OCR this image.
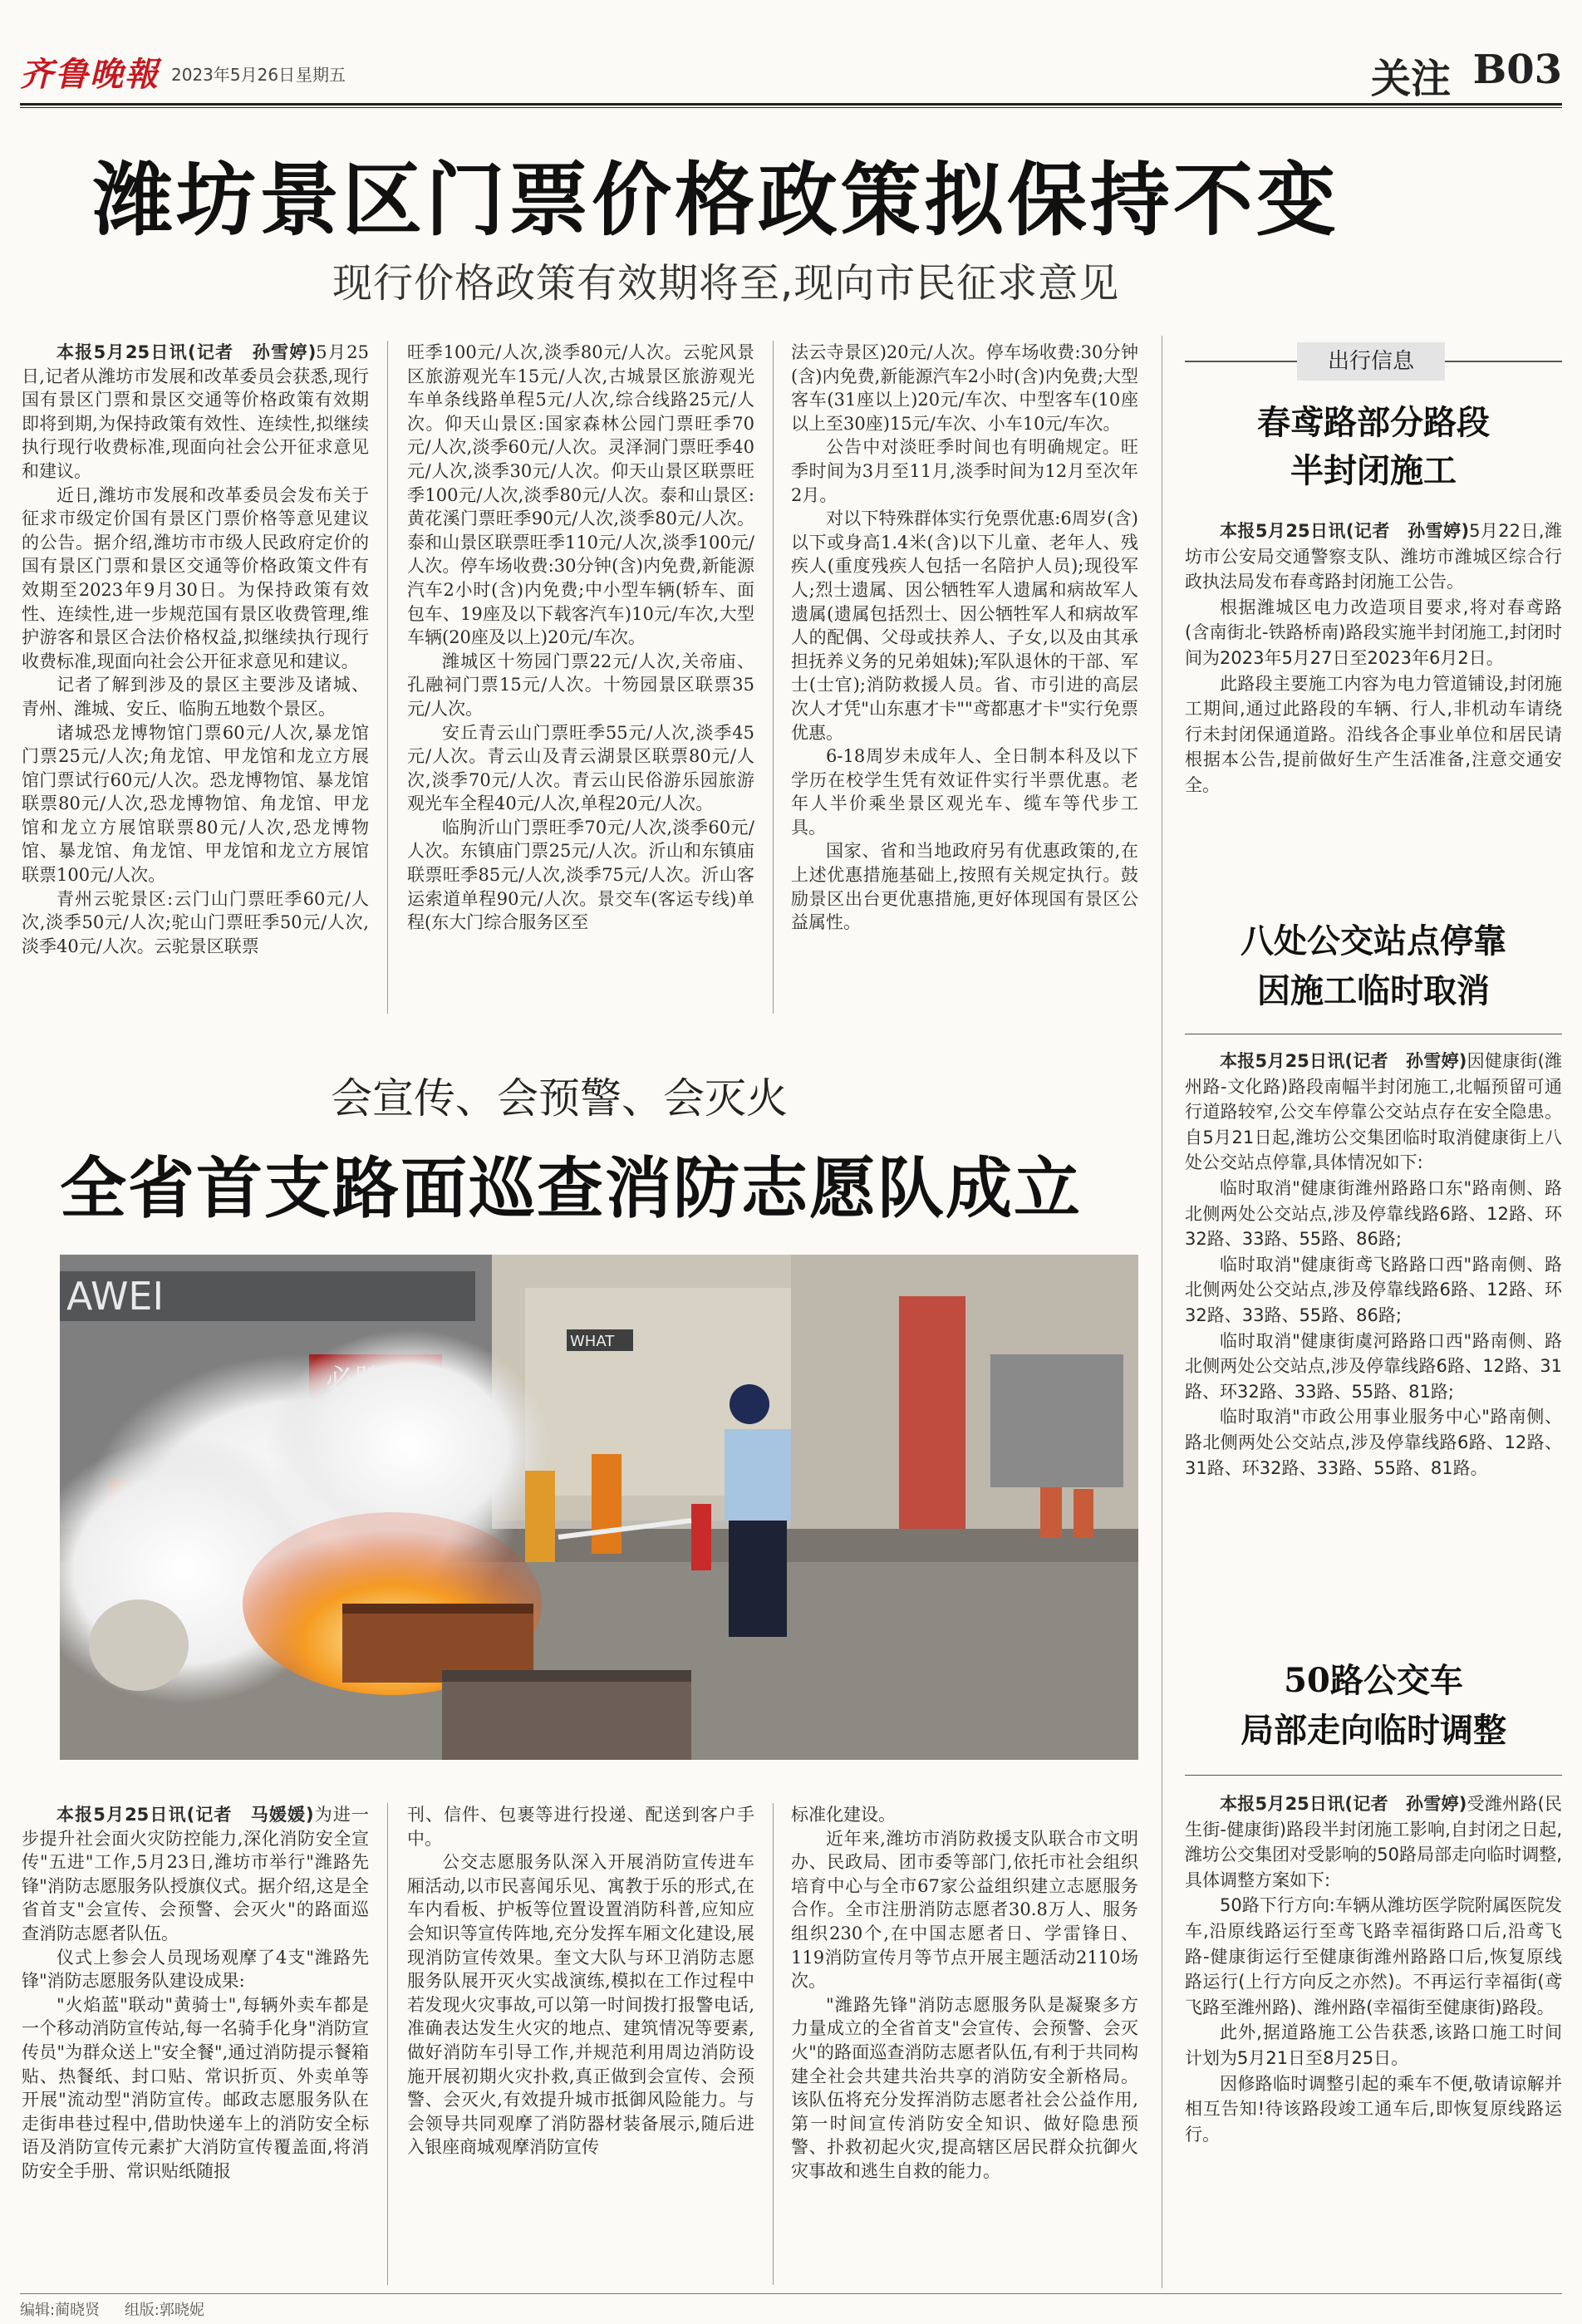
齐鲁晚報 2023年5月26日 星期五	关注 B03
潍坊景区门票价格政策拟保持不变
现行价格政策有效期将至,现向市民征求意见

本报5月25日讯(记者　孙雪婷)5月25日,记者从潍坊市发展和改革委员会获悉,现行国有景区门票和景区交通等价格政策有效期即将到期,为保持政策有效性、连续性,拟继续执行现行收费标准,现面向社会公开征求意见和建议。

近日,潍坊市发展和改革委员会发布关于征求市级定价国有景区门票价格等意见建议的公告。据介绍,潍坊市市级人民政府定价的国有景区门票和景区交通等价格政策文件有效期至2023年9月30日。为保持政策有效性、连续性,进一步规范国有景区收费管理,维护游客和景区合法价格权益,拟继续执行现行收费标准,现面向社会公开征求意见和建议。

记者了解到涉及的景区主要涉及诸城、青州、潍城、安丘、临朐五地数个景区。

诸城恐龙博物馆门票60元/人次,暴龙馆门票25元/人次;角龙馆、甲龙馆和龙立方展馆门票试行60元/人次。恐龙博物馆、暴龙馆联票80元/人次,恐龙博物馆、角龙馆、甲龙馆和龙立方展馆联票80元/人次,恐龙博物馆、暴龙馆、角龙馆、甲龙馆和龙立方展馆联票100元/人次。

青州云驼景区:云门山门票旺季60元/人次,淡季50元/人次;驼山门票旺季50元/人次,淡季40元/人次。云驼景区联票

旺季100元/人次,淡季80元/人次。云驼风景区旅游观光车15元/人次,古城景区旅游观光车单条线路单程5元/人次,综合线路25元/人次。仰天山景区:国家森林公园门票旺季70元/人次,淡季60元/人次。灵泽洞门票旺季40元/人次,淡季30元/人次。仰天山景区联票旺季100元/人次,淡季80元/人次。泰和山景区:黄花溪门票旺季90元/人次,淡季80元/人次。泰和山景区联票旺季110元/人次,淡季100元/人次。停车场收费:30分钟(含)内免费,新能源汽车2小时(含)内免费;中小型车辆(轿车、面包车、19座及以下载客汽车)10元/车次,大型车辆(20座及以上)20元/车次。

潍城区十笏园门票22元/人次,关帝庙、孔融祠门票15元/人次。十笏园景区联票35元/人次。

安丘青云山门票旺季55元/人次,淡季45元/人次。青云山及青云湖景区联票80元/人次,淡季70元/人次。青云山民俗游乐园旅游观光车全程40元/人次,单程20元/人次。

临朐沂山门票旺季70元/人次,淡季60元/人次。东镇庙门票25元/人次。沂山和东镇庙联票旺季85元/人次,淡季75元/人次。沂山客运索道单程90元/人次。景交车(客运专线)单程(东大门综合服务区至

法云寺景区)20元/人次。停车场收费:30分钟(含)内免费,新能源汽车2小时(含)内免费;大型客车(31座以上)20元/车次、中型客车(10座以上至30座)15元/车次、小车10元/车次。

公告中对淡旺季时间也有明确规定。旺季时间为3月至11月,淡季时间为12月至次年2月。

对以下特殊群体实行免票优惠:6周岁(含)以下或身高1.4米(含)以下儿童、老年人、残疾人(重度残疾人包括一名陪护人员);现役军人;烈士遗属、因公牺牲军人遗属和病故军人遗属(遗属包括烈士、因公牺牲军人和病故军人的配偶、父母或扶养人、子女,以及由其承担抚养义务的兄弟姐妹);军队退休的干部、军士(士官);消防救援人员。省、市引进的高层次人才凭"山东惠才卡""鸢都惠才卡"实行免票优惠。

6-18周岁未成年人、全日制本科及以下学历在校学生凭有效证件实行半票优惠。老年人半价乘坐景区观光车、缆车等代步工具。

国家、省和当地政府另有优惠政策的,在上述优惠措施基础上,按照有关规定执行。鼓励景区出台更优惠措施,更好体现国有景区公益属性。

会宣传、会预警、会灭火
全省首支路面巡查消防志愿队成立
AWEI
WHAT

本报5月25日讯(记者　马媛媛)为进一步提升社会面火灾防控能力,深化消防安全宣传"五进"工作,5月23日,潍坊市举行"潍路先锋"消防志愿服务队授旗仪式。据介绍,这是全省首支"会宣传、会预警、会灭火"的路面巡查消防志愿者队伍。

仪式上参会人员现场观摩了4支"潍路先锋"消防志愿服务队建设成果:

"火焰蓝"联动"黄骑士",每辆外卖车都是一个移动消防宣传站,每一名骑手化身"消防宣传员"为群众送上"安全餐",通过消防提示餐箱贴、热餐纸、封口贴、常识折页、外卖单等开展"流动型"消防宣传。邮政志愿服务队在走街串巷过程中,借助快递车上的消防安全标语及消防宣传元素扩大消防宣传覆盖面,将消防安全手册、常识贴纸随报

刊、信件、包裹等进行投递、配送到客户手中。

公交志愿服务队深入开展消防宣传进车厢活动,以市民喜闻乐见、寓教于乐的形式,在车内看板、护板等位置设置消防科普,应知应会知识等宣传阵地,充分发挥车厢文化建设,展现消防宣传效果。奎文大队与环卫消防志愿服务队展开灭火实战演练,模拟在工作过程中若发现火灾事故,可以第一时间拨打报警电话,准确表达发生火灾的地点、建筑情况等要素,做好消防车引导工作,并规范利用周边消防设施开展初期火灾扑救,真正做到会宣传、会预警、会灭火,有效提升城市抵御风险能力。与会领导共同观摩了消防器材装备展示,随后进入银座商城观摩消防宣传

标准化建设。

近年来,潍坊市消防救援支队联合市文明办、民政局、团市委等部门,依托市社会组织培育中心与全市67家公益组织建立志愿服务合作。全市注册消防志愿者30.8万人、服务组织230个,在中国志愿者日、学雷锋日、119消防宣传月等节点开展主题活动2110场次。

"潍路先锋"消防志愿服务队是凝聚多方力量成立的全省首支"会宣传、会预警、会灭火"的路面巡查消防志愿者队伍,有利于共同构建全社会共建共治共享的消防安全新格局。该队伍将充分发挥消防志愿者社会公益作用,第一时间宣传消防安全知识、做好隐患预警、扑救初起火灾,提高辖区居民群众抗御火灾事故和逃生自救的能力。

出行信息
春鸢路部分路段
半封闭施工

本报5月25日讯(记者　孙雪婷)5月22日,潍坊市公安局交通警察支队、潍坊市潍城区综合行政执法局发布春鸢路封闭施工公告。

根据潍城区电力改造项目要求,将对春鸢路(含南街北-铁路桥南)路段实施半封闭施工,封闭时间为2023年5月27日至2023年6月2日。

此路段主要施工内容为电力管道铺设,封闭施工期间,通过此路段的车辆、行人,非机动车请绕行未封闭保通道路。沿线各企事业单位和居民请根据本公告,提前做好生产生活准备,注意交通安全。

八处公交站点停靠
因施工临时取消

本报5月25日讯(记者　孙雪婷)因健康街(潍州路-文化路)路段南幅半封闭施工,北幅预留可通行道路较窄,公交车停靠公交站点存在安全隐患。自5月21日起,潍坊公交集团临时取消健康街上八处公交站点停靠,具体情况如下:

临时取消"健康街潍州路路口东"路南侧、路北侧两处公交站点,涉及停靠线路6路、12路、环32路、33路、55路、86路;

临时取消"健康街鸢飞路路口西"路南侧、路北侧两处公交站点,涉及停靠线路6路、12路、环32路、33路、55路、86路;

临时取消"健康街虞河路路口西"路南侧、路北侧两处公交站点,涉及停靠线路6路、12路、31路、环32路、33路、55路、81路;

临时取消"市政公用事业服务中心"路南侧、路北侧两处公交站点,涉及停靠线路6路、12路、31路、环32路、33路、55路、81路。

50路公交车
局部走向临时调整

本报5月25日讯(记者　孙雪婷)受潍州路(民生街-健康街)路段半封闭施工影响,自封闭之日起,潍坊公交集团对受影响的50路局部走向临时调整,具体调整方案如下:

50路下行方向:车辆从潍坊医学院附属医院发车,沿原线路运行至鸢飞路幸福街路口后,沿鸢飞路-健康街运行至健康街潍州路路口后,恢复原线路运行(上行方向反之亦然)。不再运行幸福街(鸢飞路至潍州路)、潍州路(幸福街至健康街)路段。

此外,据道路施工公告获悉,该路口施工时间计划为5月21日至8月25日。

因修路临时调整引起的乘车不便,敬请谅解并相互告知!待该路段竣工通车后,即恢复原线路运行。

编辑:蔺晓贤 组版:郭晓妮
